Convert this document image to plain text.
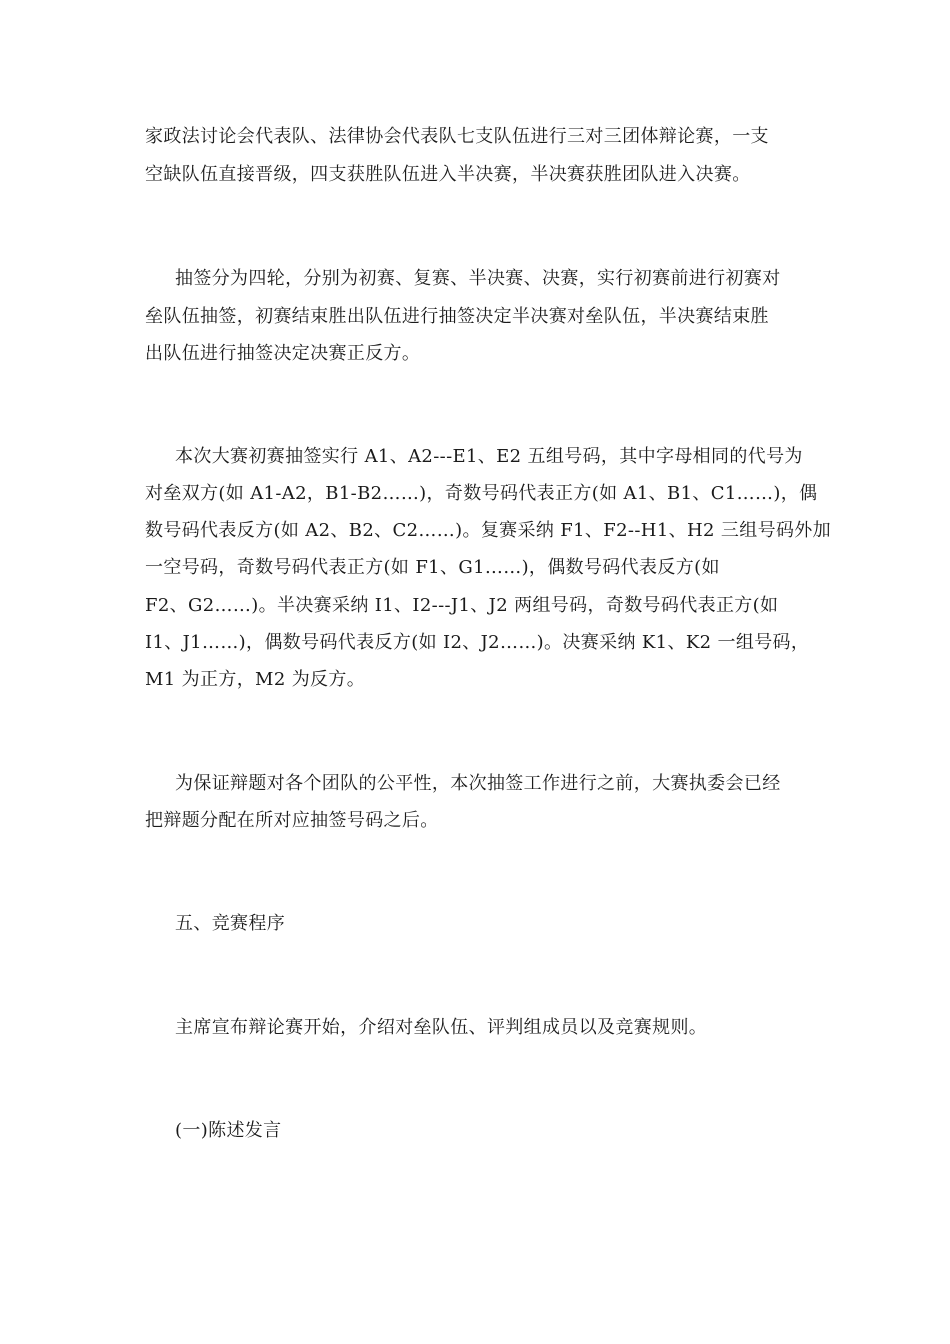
家政法讨论会代表队、法律协会代表队七支队伍进行三对三团体辩论赛，一支
空缺队伍直接晋级，四支获胜队伍进入半决赛，半决赛获胜团队进入决赛。
抽签分为四轮，分别为初赛、复赛、半决赛、决赛，实行初赛前进行初赛对
垒队伍抽签，初赛结束胜出队伍进行抽签决定半决赛对垒队伍，半决赛结束胜
出队伍进行抽签决定决赛正反方。
本次大赛初赛抽签实行 A1、A2---E1、E2 五组号码，其中字母相同的代号为
对垒双方(如 A1-A2，B1-B2……)，奇数号码代表正方(如 A1、B1、C1……)，偶
数号码代表反方(如 A2、B2、C2……)。复赛采纳 F1、F2--H1、H2 三组号码外加
一空号码，奇数号码代表正方(如 F1、G1……)，偶数号码代表反方(如
F2、G2……)。半决赛采纳 I1、I2---J1、J2 两组号码，奇数号码代表正方(如
I1、J1……)，偶数号码代表反方(如 I2、J2……)。决赛采纳 K1、K2 一组号码，
M1 为正方，M2 为反方。
为保证辩题对各个团队的公平性，本次抽签工作进行之前，大赛执委会已经
把辩题分配在所对应抽签号码之后。
五、竞赛程序
主席宣布辩论赛开始，介绍对垒队伍、评判组成员以及竞赛规则。
(一)陈述发言
